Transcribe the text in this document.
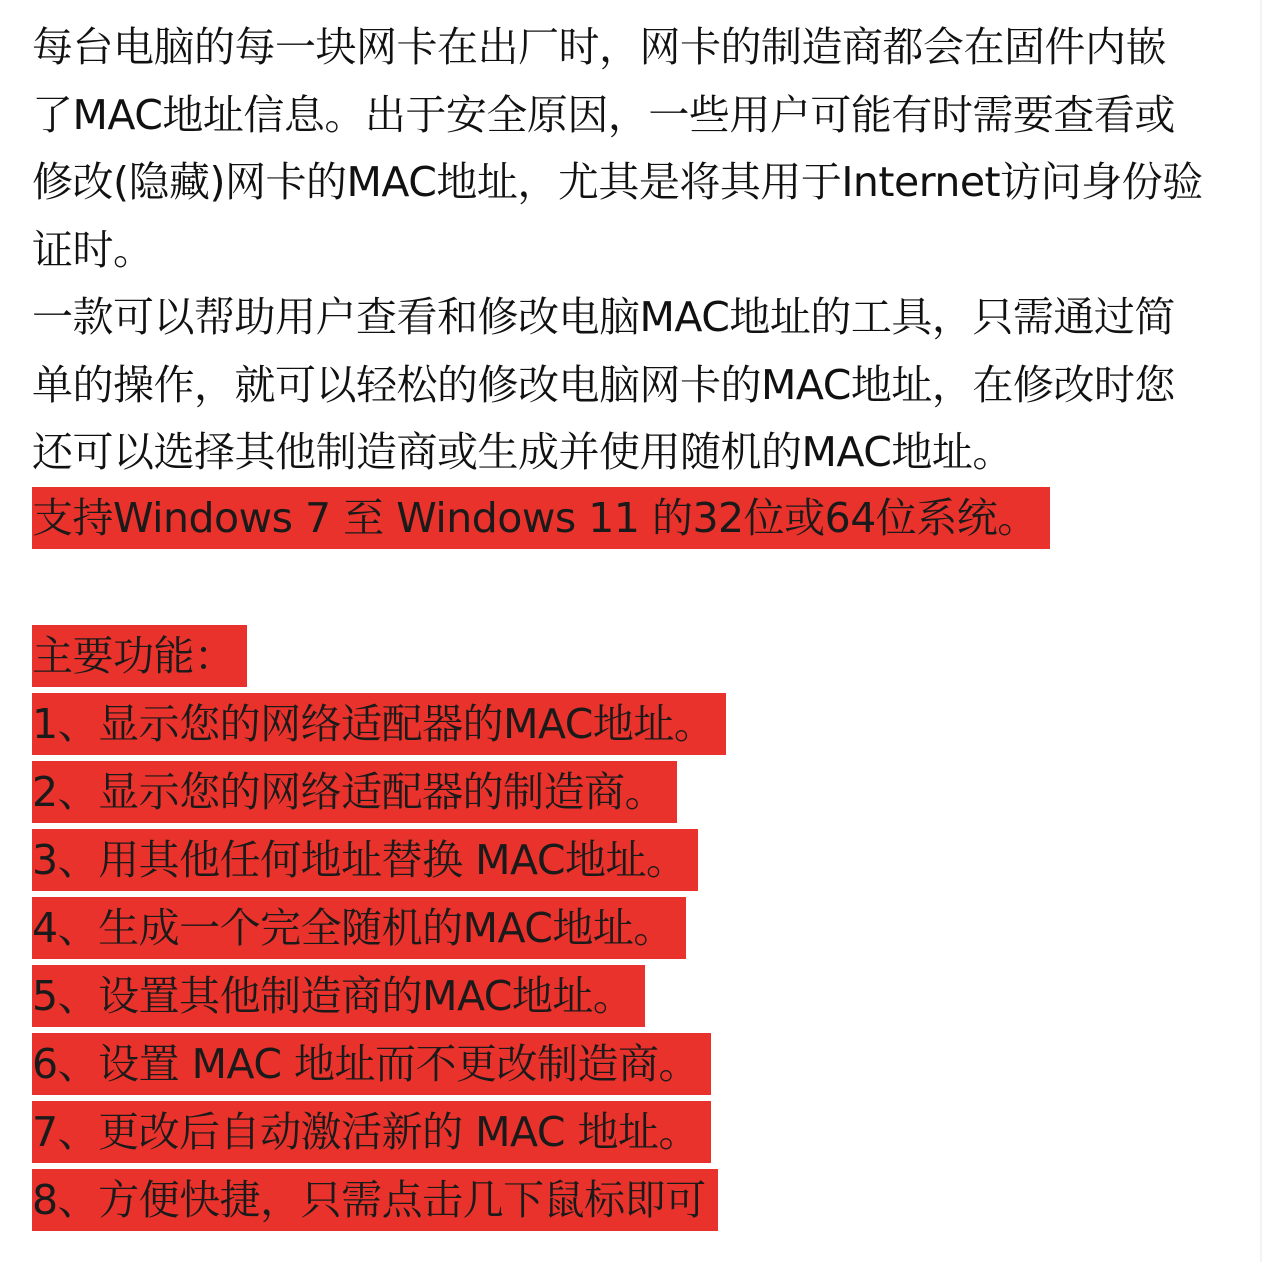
每台电脑的每一块网卡在出厂时，网卡的制造商都会在固件内嵌
了MAC地址信息。出于安全原因，一些用户可能有时需要查看或
修改(隐藏)网卡的MAC地址，尤其是将其用于Internet访问身份验
证时。
一款可以帮助用户查看和修改电脑MAC地址的工具，只需通过简
单的操作，就可以轻松的修改电脑网卡的MAC地址，在修改时您
还可以选择其他制造商或生成并使用随机的MAC地址。
支持Windows 7 至 Windows 11 的32位或64位系统。
主要功能：
1、显示您的网络适配器的MAC地址。
2、显示您的网络适配器的制造商。
3、用其他任何地址替换 MAC地址。
4、生成一个完全随机的MAC地址。
5、设置其他制造商的MAC地址。
6、设置 MAC 地址而不更改制造商。
7、更改后自动激活新的 MAC 地址。
8、方便快捷，只需点击几下鼠标即可
